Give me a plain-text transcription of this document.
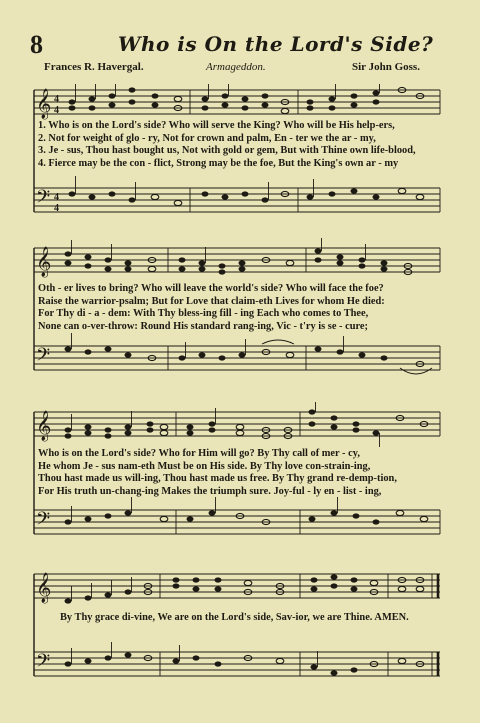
8	Who is On the Lord's Side?
Frances R. Havergal.	Armageddon.	Sir John Goss.
𝄞
𝄢
4
4
4
4
1. Who is on the Lord's side? Who will serve the King? Who will be His help-ers,
2. Not for weight of glo - ry, Not for crown and palm, En - ter we the ar - my,
3. Je - sus, Thou hast bought us, Not with gold or gem, But with Thine own life-blood,
4. Fierce may be the con - flict, Strong may be the foe, But the King's own ar - my
𝄞
𝄢
Oth - er lives to bring? Who will leave the world's side? Who will face the foe?
Raise the warrior-psalm; But for Love that claim-eth Lives for whom He died:
For Thy di - a - dem: With Thy bless-ing fill - ing Each who comes to Thee,
None can o-ver-throw: Round His standard rang-ing, Vic - t'ry is se - cure;
𝄞
𝄢
Who is on the Lord's side? Who for Him will go? By Thy call of mer - cy,
He whom Je - sus nam-eth Must be on His side. By Thy love con-strain-ing,
Thou hast made us will-ing, Thou hast made us free. By Thy grand re-demp-tion,
For His truth un-chang-ing Makes the triumph sure. Joy-ful - ly en - list - ing,
𝄞
𝄢
By Thy grace di-vine, We are on the Lord's side, Sav-ior, we are Thine. AMEN.
